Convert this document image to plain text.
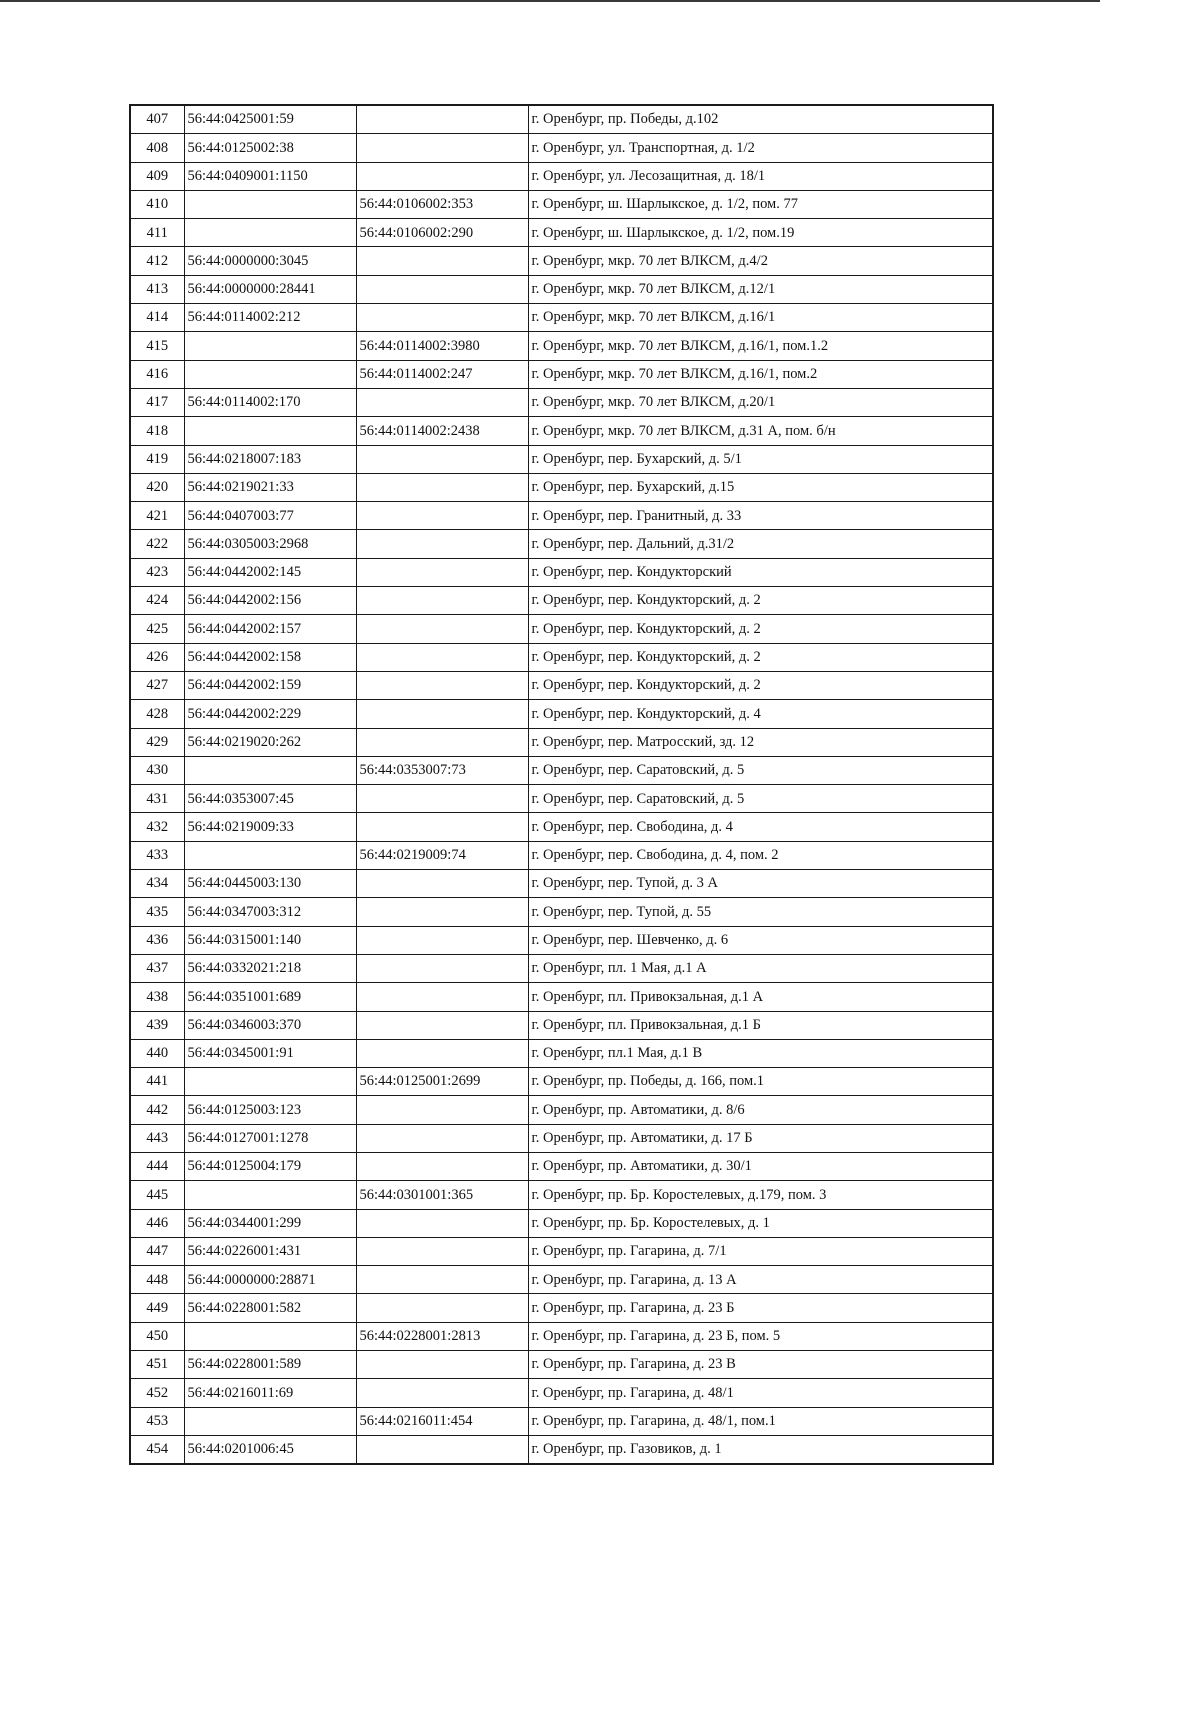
407	56:44:0425001:59		г. Оренбург, пр. Победы, д.102
408	56:44:0125002:38		г. Оренбург, ул. Транспортная, д. 1/2
409	56:44:0409001:1150		г. Оренбург, ул. Лесозащитная, д. 18/1
410		56:44:0106002:353	г. Оренбург, ш. Шарлыкское, д. 1/2, пом. 77
411		56:44:0106002:290	г. Оренбург, ш. Шарлыкское, д. 1/2, пом.19
412	56:44:0000000:3045		г. Оренбург, мкр. 70 лет ВЛКСМ, д.4/2
413	56:44:0000000:28441		г. Оренбург, мкр. 70 лет ВЛКСМ, д.12/1
414	56:44:0114002:212		г. Оренбург, мкр. 70 лет ВЛКСМ, д.16/1
415		56:44:0114002:3980	г. Оренбург, мкр. 70 лет ВЛКСМ, д.16/1, пом.1.2
416		56:44:0114002:247	г. Оренбург, мкр. 70 лет ВЛКСМ, д.16/1, пом.2
417	56:44:0114002:170		г. Оренбург, мкр. 70 лет ВЛКСМ, д.20/1
418		56:44:0114002:2438	г. Оренбург, мкр. 70 лет ВЛКСМ, д.31 А, пом. б/н
419	56:44:0218007:183		г. Оренбург, пер. Бухарский, д. 5/1
420	56:44:0219021:33		г. Оренбург, пер. Бухарский, д.15
421	56:44:0407003:77		г. Оренбург, пер. Гранитный, д. 33
422	56:44:0305003:2968		г. Оренбург, пер. Дальний, д.31/2
423	56:44:0442002:145		г. Оренбург, пер. Кондукторский
424	56:44:0442002:156		г. Оренбург, пер. Кондукторский, д. 2
425	56:44:0442002:157		г. Оренбург, пер. Кондукторский, д. 2
426	56:44:0442002:158		г. Оренбург, пер. Кондукторский, д. 2
427	56:44:0442002:159		г. Оренбург, пер. Кондукторский, д. 2
428	56:44:0442002:229		г. Оренбург, пер. Кондукторский, д. 4
429	56:44:0219020:262		г. Оренбург, пер. Матросский, зд. 12
430		56:44:0353007:73	г. Оренбург, пер. Саратовский, д. 5
431	56:44:0353007:45		г. Оренбург, пер. Саратовский, д. 5
432	56:44:0219009:33		г. Оренбург, пер. Свободина, д. 4
433		56:44:0219009:74	г. Оренбург, пер. Свободина, д. 4, пом. 2
434	56:44:0445003:130		г. Оренбург, пер. Тупой, д. 3 А
435	56:44:0347003:312		г. Оренбург, пер. Тупой, д. 55
436	56:44:0315001:140		г. Оренбург, пер. Шевченко, д. 6
437	56:44:0332021:218		г. Оренбург, пл. 1 Мая, д.1 А
438	56:44:0351001:689		г. Оренбург, пл. Привокзальная, д.1 А
439	56:44:0346003:370		г. Оренбург, пл. Привокзальная, д.1 Б
440	56:44:0345001:91		г. Оренбург, пл.1 Мая, д.1 В
441		56:44:0125001:2699	г. Оренбург, пр. Победы, д. 166, пом.1
442	56:44:0125003:123		г. Оренбург, пр. Автоматики, д. 8/6
443	56:44:0127001:1278		г. Оренбург, пр. Автоматики, д. 17 Б
444	56:44:0125004:179		г. Оренбург, пр. Автоматики, д. 30/1
445		56:44:0301001:365	г. Оренбург, пр. Бр. Коростелевых, д.179, пом. 3
446	56:44:0344001:299		г. Оренбург, пр. Бр. Коростелевых, д. 1
447	56:44:0226001:431		г. Оренбург, пр. Гагарина, д. 7/1
448	56:44:0000000:28871		г. Оренбург, пр. Гагарина, д. 13 А
449	56:44:0228001:582		г. Оренбург, пр. Гагарина, д. 23 Б
450		56:44:0228001:2813	г. Оренбург, пр. Гагарина, д. 23 Б, пом. 5
451	56:44:0228001:589		г. Оренбург, пр. Гагарина, д. 23 В
452	56:44:0216011:69		г. Оренбург, пр. Гагарина, д. 48/1
453		56:44:0216011:454	г. Оренбург, пр. Гагарина, д. 48/1, пом.1
454	56:44:0201006:45		г. Оренбург, пр. Газовиков, д. 1
